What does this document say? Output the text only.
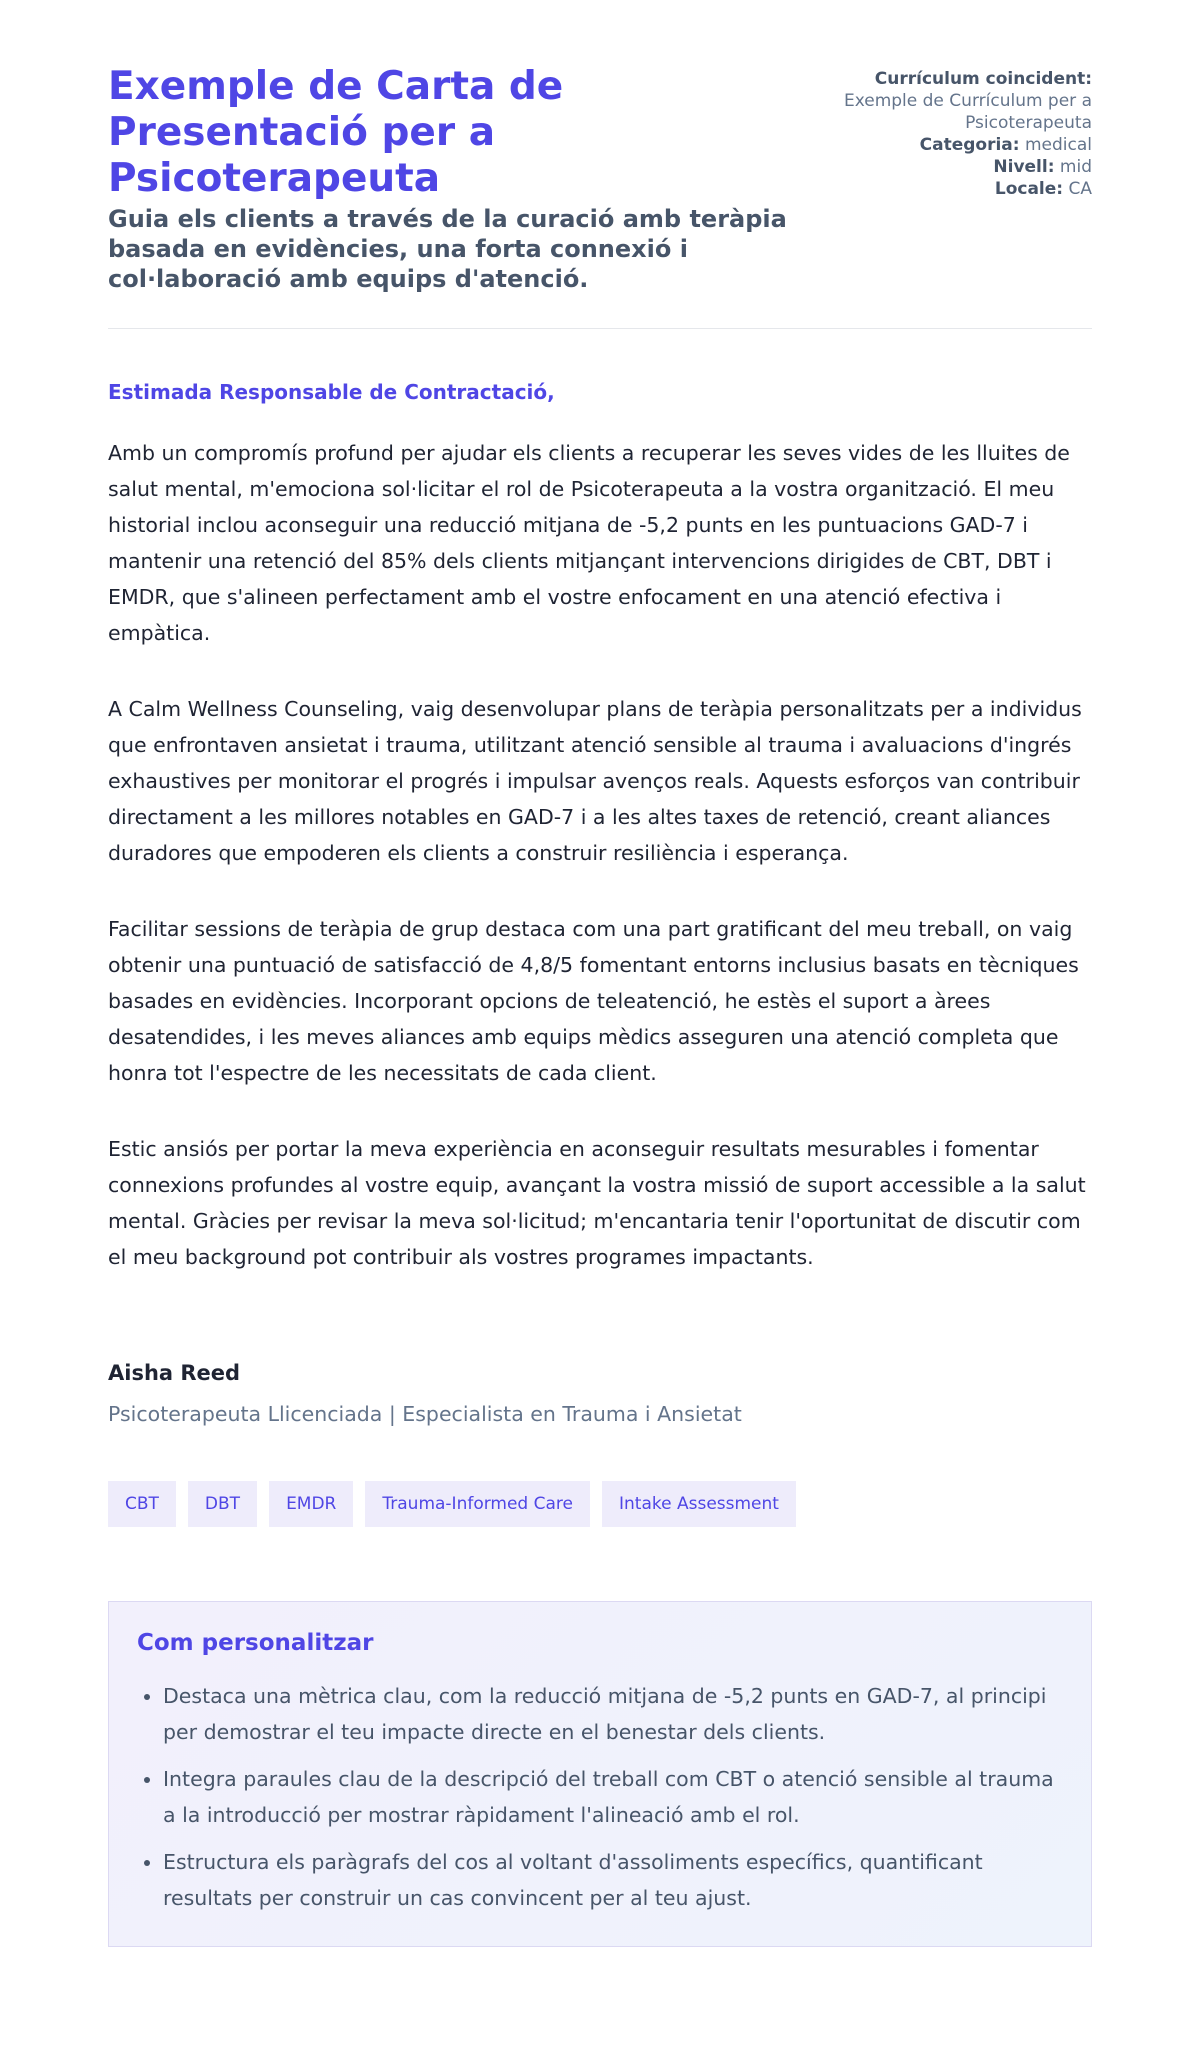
Exemple de Carta de Presentació per a Psicoterapeuta
Guia els clients a través de la curació amb teràpia basada en evidències, una forta connexió i col·laboració amb equips d'atenció.
Currículum coincident:
Exemple de Currículum per a Psicoterapeuta
Categoria: medical
Nivell: mid
Locale: CA

Estimada Responsable de Contractació,

Amb un compromís profund per ajudar els clients a recuperar les seves vides de les lluites de salut mental, m'emociona sol·licitar el rol de Psicoterapeuta a la vostra organització. El meu historial inclou aconseguir una reducció mitjana de -5,2 punts en les puntuacions GAD-7 i mantenir una retenció del 85% dels clients mitjançant intervencions dirigides de CBT, DBT i EMDR, que s'alineen perfectament amb el vostre enfocament en una atenció efectiva i empàtica.

A Calm Wellness Counseling, vaig desenvolupar plans de teràpia personalitzats per a individus que enfrontaven ansietat i trauma, utilitzant atenció sensible al trauma i avaluacions d'ingrés exhaustives per monitorar el progrés i impulsar avenços reals. Aquests esforços van contribuir directament a les millores notables en GAD-7 i a les altes taxes de retenció, creant aliances duradores que empoderen els clients a construir resiliència i esperança.

Facilitar sessions de teràpia de grup destaca com una part gratificant del meu treball, on vaig obtenir una puntuació de satisfacció de 4,8/5 fomentant entorns inclusius basats en tècniques basades en evidències. Incorporant opcions de teleatenció, he estès el suport a àrees desatendides, i les meves aliances amb equips mèdics asseguren una atenció completa que honra tot l'espectre de les necessitats de cada client.

Estic ansiós per portar la meva experiència en aconseguir resultats mesurables i fomentar connexions profundes al vostre equip, avançant la vostra missió de suport accessible a la salut mental. Gràcies per revisar la meva sol·licitud; m'encantaria tenir l'oportunitat de discutir com el meu background pot contribuir als vostres programes impactants.

Aisha Reed

Psicoterapeuta Llicenciada | Especialista en Trauma i Ansietat

CBT	DBT	EMDR	Trauma-Informed Care	Intake Assessment
Com personalitzar
• Destaca una mètrica clau, com la reducció mitjana de -5,2 punts en GAD-7, al principi per demostrar el teu impacte directe en el benestar dels clients.
• Integra paraules clau de la descripció del treball com CBT o atenció sensible al trauma a la introducció per mostrar ràpidament l'alineació amb el rol.
• Estructura els paràgrafs del cos al voltant d'assoliments específics, quantificant resultats per construir un cas convincent per al teu ajust.
